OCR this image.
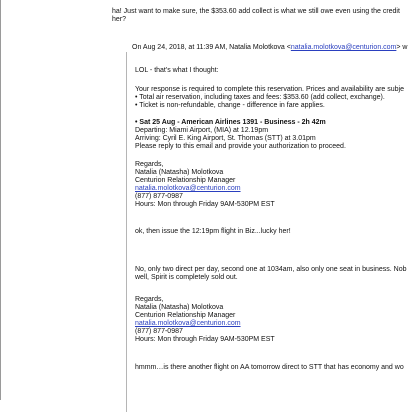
ha! Just want to make sure, the $353.60 add collect is what we still owe even using the credit
her?
On Aug 24, 2018, at 11:39 AM, Natalia Molotkova <natalia.molotkova@centurion.com> w
LOL - that's what I thought:
Your response is required to complete this reservation. Prices and availability are subje
• Total air reservation, including taxes and fees: $353.60 (add collect, exchange).
• Ticket is non-refundable, change - difference in fare applies.
• Sat 25 Aug - American Airlines 1391 - Business - 2h 42m
Departing: Miami Airport, (MIA) at 12.19pm
Arriving: Cyril E. King Airport, St. Thomas (STT) at 3.01pm
Please reply to this email and provide your authorization to proceed.
Regards,
Natalia (Natasha) Molotkova
Centurion Relationship Manager
natalia.molotkova@centurion.com
(877) 877-0987
Hours: Mon through Friday 9AM-530PM EST
ok, then issue the 12:19pm flight in Biz...lucky her!
No, only two direct per day, second one at 1034am, also only one seat in business. Nob
well, Spirit is completely sold out.
Regards,
Natalia (Natasha) Molotkova
Centurion Relationship Manager
natalia.molotkova@centurion.com
(877) 877-0987
Hours: Mon through Friday 9AM-530PM EST
hmmm…is there another flight on AA tomorrow direct to STT that has economy and wo
